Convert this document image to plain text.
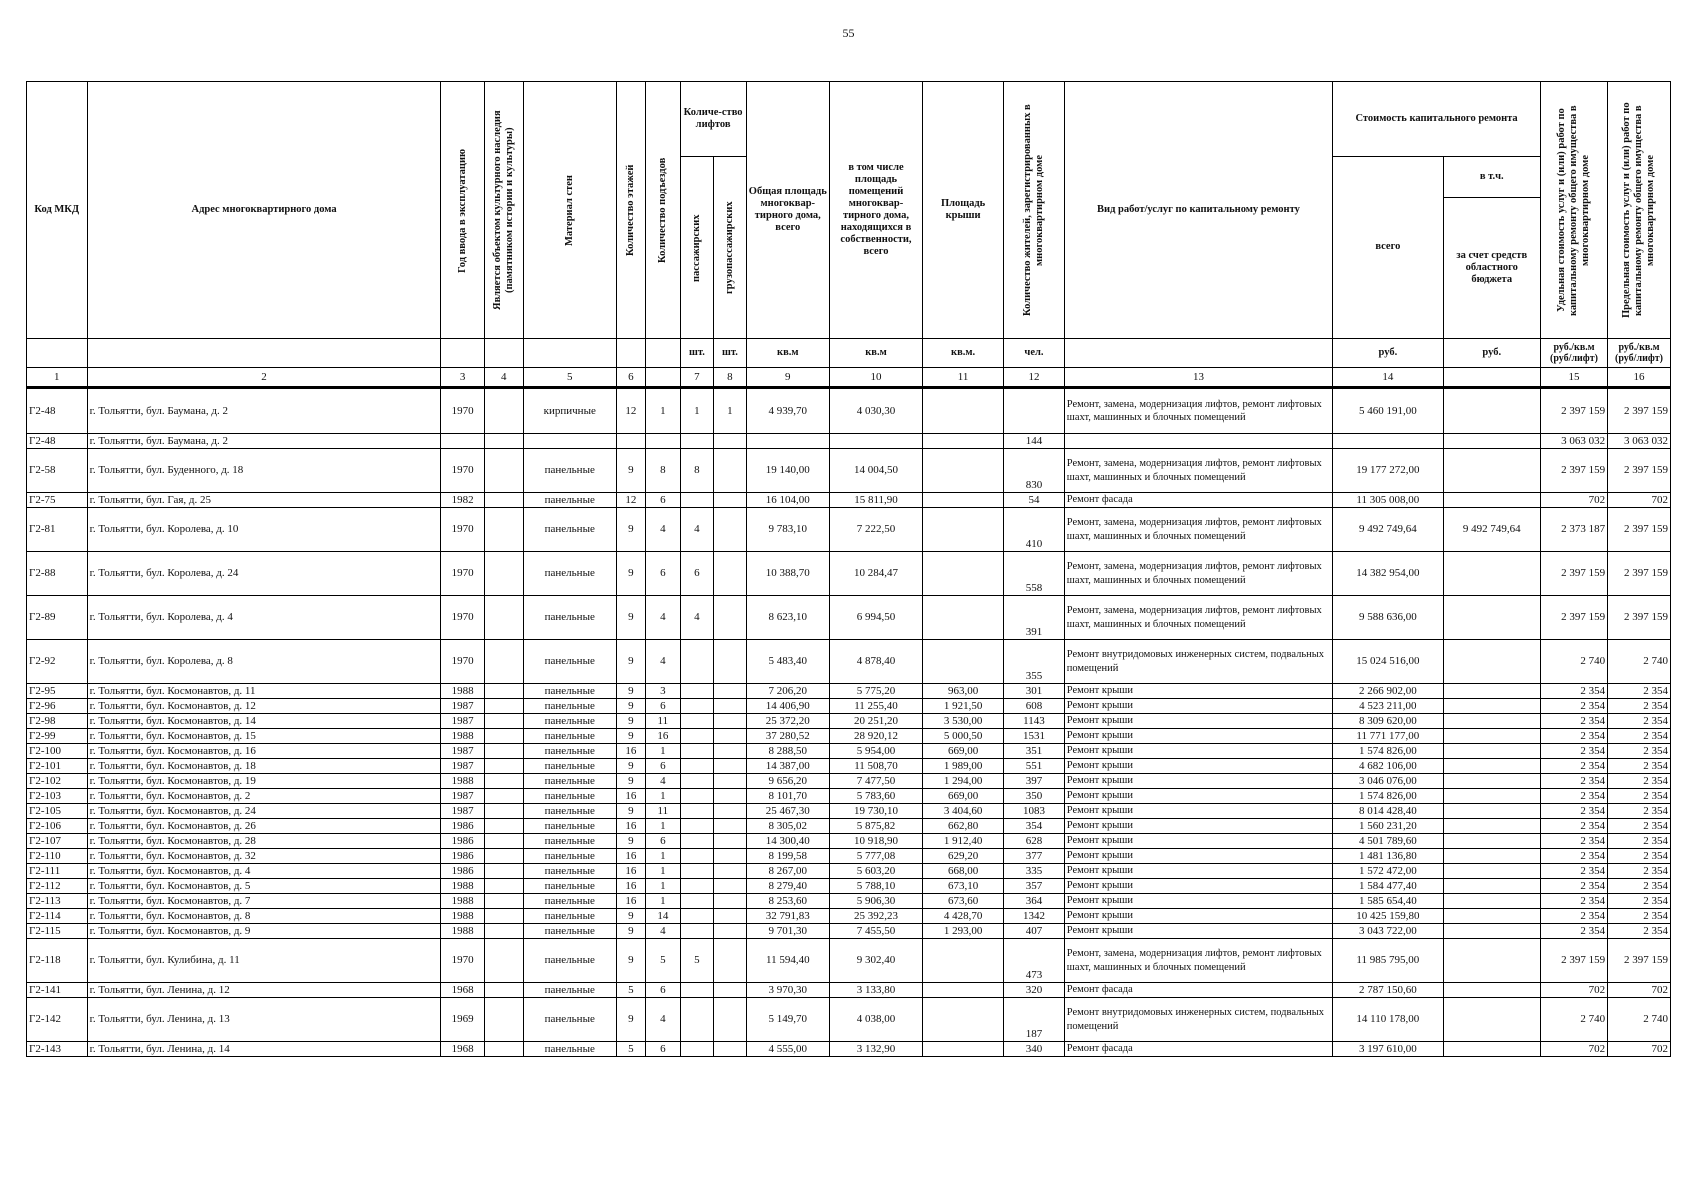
55
Код МКД	Адрес многоквартирного дома	Год ввода в эксплуатацию	Является объектом культурного наследия (памятником истории и культуры)	Материал стен	Количество этажей	Количество подъездов	Количе-ство лифтов		Общая площадь многоквар-тирного дома, всего	в том числе площадь помещений многоквар-тирного дома, находящихся в собственности, всего	Площадь крыши	Количество жителей, зарегистрированных в многоквартирном доме	Вид работ/услуг по капитальному ремонту	Стоимость капитального ремонта		Удельная стоимость услуг и (или) работ по капитальному ремонту общего имущества в многоквартирном доме	Предельная стоимость услуг и (или) работ по капитальному ремонту общего имущества в многоквартирном доме

							пассажирских	грузопассажирских						всего	в т.ч.		
															за счет средств областного бюджета		
							шт.	шт.	кв.м	кв.м	кв.м.	чел.		руб.	руб.	руб./кв.м (руб/лифт)	руб./кв.м (руб/лифт)
1	2	3	4	5	6		7	8	9	10	11	12	13	14		15	16
Г2-48	г. Тольятти, бул. Баумана, д. 2	1970		кирпичные	12	1	1	1	4 939,70	4 030,30			Ремонт, замена, модернизация лифтов, ремонт лифтовых шахт, машинных и блочных помещений	5 460 191,00		2 397 159	2 397 159
Г2-48	г. Тольятти, бул. Баумана, д. 2											144				3 063 032	3 063 032
Г2-58	г. Тольятти, бул. Буденного, д. 18	1970		панельные	9	8	8		19 140,00	14 004,50		830	Ремонт, замена, модернизация лифтов, ремонт лифтовых шахт, машинных и блочных помещений	19 177 272,00		2 397 159	2 397 159
Г2-75	г. Тольятти, бул. Гая, д. 25	1982		панельные	12	6			16 104,00	15 811,90		54	Ремонт фасада	11 305 008,00		702	702
Г2-81	г. Тольятти, бул. Королева, д. 10	1970		панельные	9	4	4		9 783,10	7 222,50		410	Ремонт, замена, модернизация лифтов, ремонт лифтовых шахт, машинных и блочных помещений	9 492 749,64	9 492 749,64	2 373 187	2 397 159
Г2-88	г. Тольятти, бул. Королева, д. 24	1970		панельные	9	6	6		10 388,70	10 284,47		558	Ремонт, замена, модернизация лифтов, ремонт лифтовых шахт, машинных и блочных помещений	14 382 954,00		2 397 159	2 397 159
Г2-89	г. Тольятти, бул. Королева, д. 4	1970		панельные	9	4	4		8 623,10	6 994,50		391	Ремонт, замена, модернизация лифтов, ремонт лифтовых шахт, машинных и блочных помещений	9 588 636,00		2 397 159	2 397 159
Г2-92	г. Тольятти, бул. Королева, д. 8	1970		панельные	9	4			5 483,40	4 878,40		355	Ремонт внутридомовых инженерных систем, подвальных помещений	15 024 516,00		2 740	2 740
Г2-95	г. Тольятти, бул. Космонавтов, д. 11	1988		панельные	9	3			7 206,20	5 775,20	963,00	301	Ремонт крыши	2 266 902,00		2 354	2 354
Г2-96	г. Тольятти, бул. Космонавтов, д. 12	1987		панельные	9	6			14 406,90	11 255,40	1 921,50	608	Ремонт крыши	4 523 211,00		2 354	2 354
Г2-98	г. Тольятти, бул. Космонавтов, д. 14	1987		панельные	9	11			25 372,20	20 251,20	3 530,00	1143	Ремонт крыши	8 309 620,00		2 354	2 354
Г2-99	г. Тольятти, бул. Космонавтов, д. 15	1988		панельные	9	16			37 280,52	28 920,12	5 000,50	1531	Ремонт крыши	11 771 177,00		2 354	2 354
Г2-100	г. Тольятти, бул. Космонавтов, д. 16	1987		панельные	16	1			8 288,50	5 954,00	669,00	351	Ремонт крыши	1 574 826,00		2 354	2 354
Г2-101	г. Тольятти, бул. Космонавтов, д. 18	1987		панельные	9	6			14 387,00	11 508,70	1 989,00	551	Ремонт крыши	4 682 106,00		2 354	2 354
Г2-102	г. Тольятти, бул. Космонавтов, д. 19	1988		панельные	9	4			9 656,20	7 477,50	1 294,00	397	Ремонт крыши	3 046 076,00		2 354	2 354
Г2-103	г. Тольятти, бул. Космонавтов, д. 2	1987		панельные	16	1			8 101,70	5 783,60	669,00	350	Ремонт крыши	1 574 826,00		2 354	2 354
Г2-105	г. Тольятти, бул. Космонавтов, д. 24	1987		панельные	9	11			25 467,30	19 730,10	3 404,60	1083	Ремонт крыши	8 014 428,40		2 354	2 354
Г2-106	г. Тольятти, бул. Космонавтов, д. 26	1986		панельные	16	1			8 305,02	5 875,82	662,80	354	Ремонт крыши	1 560 231,20		2 354	2 354
Г2-107	г. Тольятти, бул. Космонавтов, д. 28	1986		панельные	9	6			14 300,40	10 918,90	1 912,40	628	Ремонт крыши	4 501 789,60		2 354	2 354
Г2-110	г. Тольятти, бул. Космонавтов, д. 32	1986		панельные	16	1			8 199,58	5 777,08	629,20	377	Ремонт крыши	1 481 136,80		2 354	2 354
Г2-111	г. Тольятти, бул. Космонавтов, д. 4	1986		панельные	16	1			8 267,00	5 603,20	668,00	335	Ремонт крыши	1 572 472,00		2 354	2 354
Г2-112	г. Тольятти, бул. Космонавтов, д. 5	1988		панельные	16	1			8 279,40	5 788,10	673,10	357	Ремонт крыши	1 584 477,40		2 354	2 354
Г2-113	г. Тольятти, бул. Космонавтов, д. 7	1988		панельные	16	1			8 253,60	5 906,30	673,60	364	Ремонт крыши	1 585 654,40		2 354	2 354
Г2-114	г. Тольятти, бул. Космонавтов, д. 8	1988		панельные	9	14			32 791,83	25 392,23	4 428,70	1342	Ремонт крыши	10 425 159,80		2 354	2 354
Г2-115	г. Тольятти, бул. Космонавтов, д. 9	1988		панельные	9	4			9 701,30	7 455,50	1 293,00	407	Ремонт крыши	3 043 722,00		2 354	2 354
Г2-118	г. Тольятти, бул. Кулибина, д. 11	1970		панельные	9	5	5		11 594,40	9 302,40		473	Ремонт, замена, модернизация лифтов, ремонт лифтовых шахт, машинных и блочных помещений	11 985 795,00		2 397 159	2 397 159
Г2-141	г. Тольятти, бул. Ленина, д. 12	1968		панельные	5	6			3 970,30	3 133,80		320	Ремонт фасада	2 787 150,60		702	702
Г2-142	г. Тольятти, бул. Ленина, д. 13	1969		панельные	9	4			5 149,70	4 038,00		187	Ремонт внутридомовых инженерных систем, подвальных помещений	14 110 178,00		2 740	2 740
Г2-143	г. Тольятти, бул. Ленина, д. 14	1968		панельные	5	6			4 555,00	3 132,90		340	Ремонт фасада	3 197 610,00		702	702
